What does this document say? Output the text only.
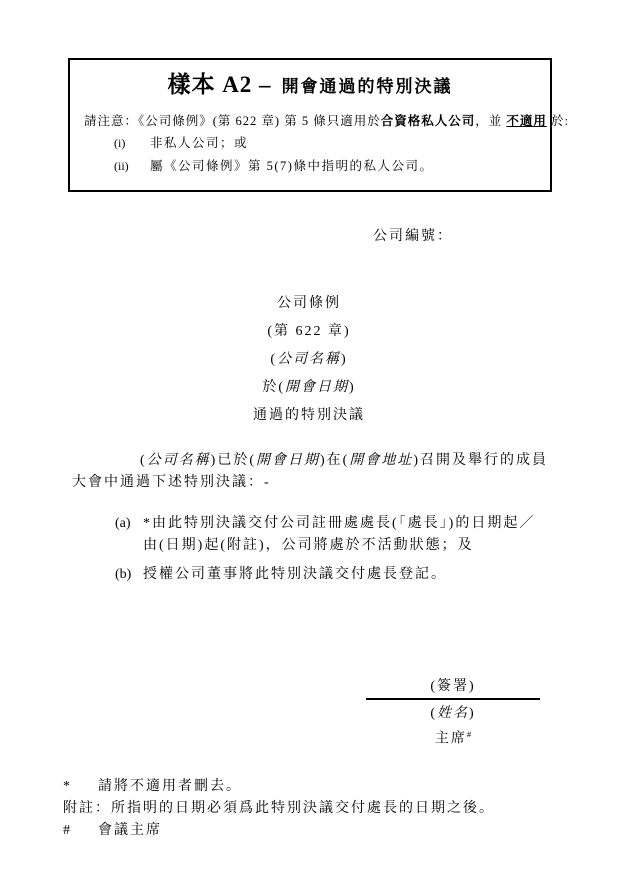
樣本 A2 – 開會通過的特別決議
請注意：《公司條例》(第 622 章) 第 5 條只適用於合資格私人公司，並 不適用 於:
(i) 非私人公司；或
(ii) 屬《公司條例》第 5(7)條中指明的私人公司。
公司編號：
公司條例
(第 622 章)
(公司名稱)
於(開會日期)
通過的特別決議
(公司名稱)已於(開會日期)在(開會地址)召開及舉行的成員
大會中通過下述特別決議：-
(a) *由此特別決議交付公司註冊處處長(「處長」)的日期起／
由(日期)起(附註)，公司將處於不活動狀態；及
(b) 授權公司董事將此特別決議交付處長登記。
(簽署)
(姓名)
主席#
* 請將不適用者刪去。
附註：所指明的日期必須爲此特別決議交付處長的日期之後。
# 會議主席
